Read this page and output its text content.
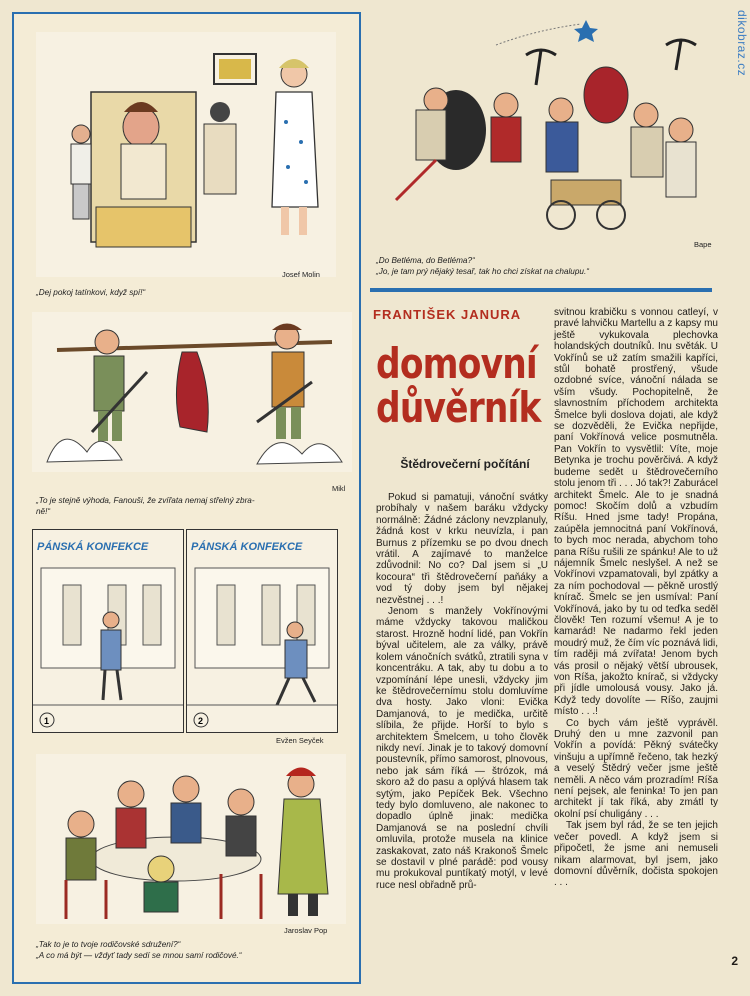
dikobraz.cz
„Dej pokoj tatínkovi, když spí!“
Josef Molin
Mikl
„To je stejně výhoda, Fanouši, že zvířata nemaj střelný zbra-
ně!“
PÁNSKÁ KONFEKCE
1
PÁNSKÁ KONFEKCE
2
Evžen Seyček
Jaroslav Pop
„Tak to je to tvoje rodičovské sdružení?“
„A co má být — vždyť tady sedí se mnou samí rodičové.“
Bape
„Do Betléma, do Betléma?“
„Jo, je tam prý nějaký tesař, tak ho chci získat na chalupu.“
FRANTIŠEK JANURA
domovní
důvěrník
Štědrovečerní počítání

Pokud si pamatuji, vánoční svátky probíhaly v našem baráku vždycky normálně: Žádné záclony nevzplanuly, žádná kost v krku neuvízla, i pan Burnus z přízemku se po dvou dnech vrátil. A zajímavé to manželce zdůvodnil: No co? Dal jsem si „U kocoura“ tři štědrovečerní paňáky a vod tý doby jsem byl nějakej nezvěstnej . . .!

Jenom s manžely Vokřínovými máme vždycky takovou maličkou starost. Hrozně hodní lidé, pan Vokřín býval učitelem, ale za války, právě kolem vánočních svátků, ztratili syna v koncentráku. A tak, aby tu dobu a to vzpomínání lépe unesli, vždycky jim ke štědrovečernímu stolu domluvíme dva hosty. Jako vloni: Evička Damjanová, to je medička, určitě slíbila, že přijde. Horší to bylo s architektem Šmelcem, u toho člověk nikdy neví. Jinak je to takový domovní poustevník, přímo samorost, plnovous, nebo jak sám říká — štrózok, má skoro až do pasu a oplývá hlasem tak sytým, jako Pepíček Bek. Všechno tedy bylo domluveno, ale nakonec to dopadlo úplně jinak: medička Damjanová se na poslední chvíli omluvila, protože musela na klinice zaskakovat, zato náš Krakonoš Šmelc se dostavil v plné parádě: pod vousy mu prokukoval puntíkatý motýl, v levé ruce nesl obřadně prů-

svitnou krabičku s vonnou catleyí, v pravé lahvičku Martellu a z kapsy mu ještě vykukovala plechovka holandských doutníků. Inu světák. U Vokřínů se už zatím smažili kapříci, stůl bohatě prostřený, všude ozdobné svíce, vánoční nálada se vším všudy. Pochopitelně, že slavnostním příchodem architekta Šmelce byli doslova dojati, ale když se dozvěděli, že Evička nepřijde, paní Vokřínová velice posmutněla. Pan Vokřín to vysvětlil: Víte, moje Betynka je trochu pověrčivá. A když budeme sedět u štědrovečerního stolu jenom tři . . . Jó tak?! Zaburácel architekt Šmelc. Ale to je snadná pomoc! Skočím dolů a vzbudím Ríšu. Hned jsme tady! Propána, zaúpěla jemnocitná paní Vokřínová, to bych moc nerada, abychom toho pana Ríšu rušili ze spánku! Ale to už nájemník Šmelc neslyšel. A než se Vokřínovi vzpamatovali, byl zpátky a za ním pochodoval — pěkně urostlý knírač. Šmelc se jen usmíval: Paní Vokřínová, jako by tu od teďka seděl člověk! Ten rozumí všemu! A je to kamarád! Ne nadarmo řekl jeden moudrý muž, že čím víc poznává lidi, tím raději má zvířata! Jenom bych vás prosil o nějaký větší ubrousek, von Ríša, jakožto knírač, si vždycky při jídle umolousá vousy. Jako já. Když tedy dovolíte — Ríšo, zaujmi místo . . .!

Co bych vám ještě vyprávěl. Druhý den u mne zazvonil pan Vokřín a povídá: Pěkný svátečky vinšuju a upřímně řečeno, tak hezký a veselý Štědrý večer jsme ještě neměli. A něco vám prozradím! Ríša není pejsek, ale feninka! To jen pan architekt jí tak říká, aby zmátl ty okolní psí chuligány . . .

Tak jsem byl rád, že se ten jejich večer povedl. A když jsem si připočetl, že jsme ani nemuseli nikam alarmovat, byl jsem, jako domovní důvěrník, dočista spokojen . . .

2
